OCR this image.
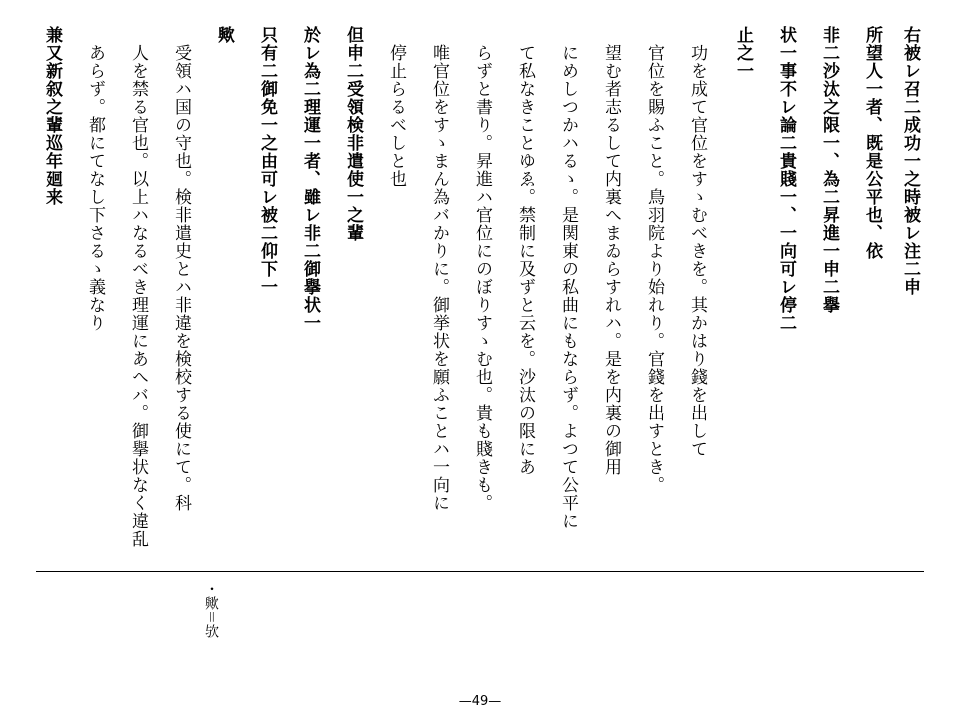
右被レ召二成功一之時被レ注二申
所望人一者、既是公平也、依
非二沙汰之限一、為二昇進一申二擧
状一事不レ論二貴賤一、一向可レ停二
止之一
功を成て官位をすゝむべきを。其かはり錢を出して
官位を賜ふこと。鳥羽院より始れり。官錢を出すとき。
望む者志るして内裏へまゐらすれハ。是を内裏の御用
にめしつかハるゝ。是関東の私曲にもならず。よつて公平に
て私なきことゆゑ。禁制に及ずと云を。沙汰の限にあ
らずと書り。昇進ハ官位にのぼりすゝむ也。貴も賤きも。
唯官位をすゝまん為バかりに。御挙状を願ふことハ一向に
停止らるべしと也
但申二受領検非遣使一之輩
於レ為二理運一者、雖レ非二御擧状一
只有二御免一之由可レ被二仰下一
歟
受領ハ国の守也。検非遣史とハ非違を検校する使にて。科
人を禁る官也。以上ハなるべき理運にあへバ。御擧状なく違乱
あらず。都にてなし下さるゝ義なり
兼又新叙之輩巡年廻来
・歟＝欤
—49—
